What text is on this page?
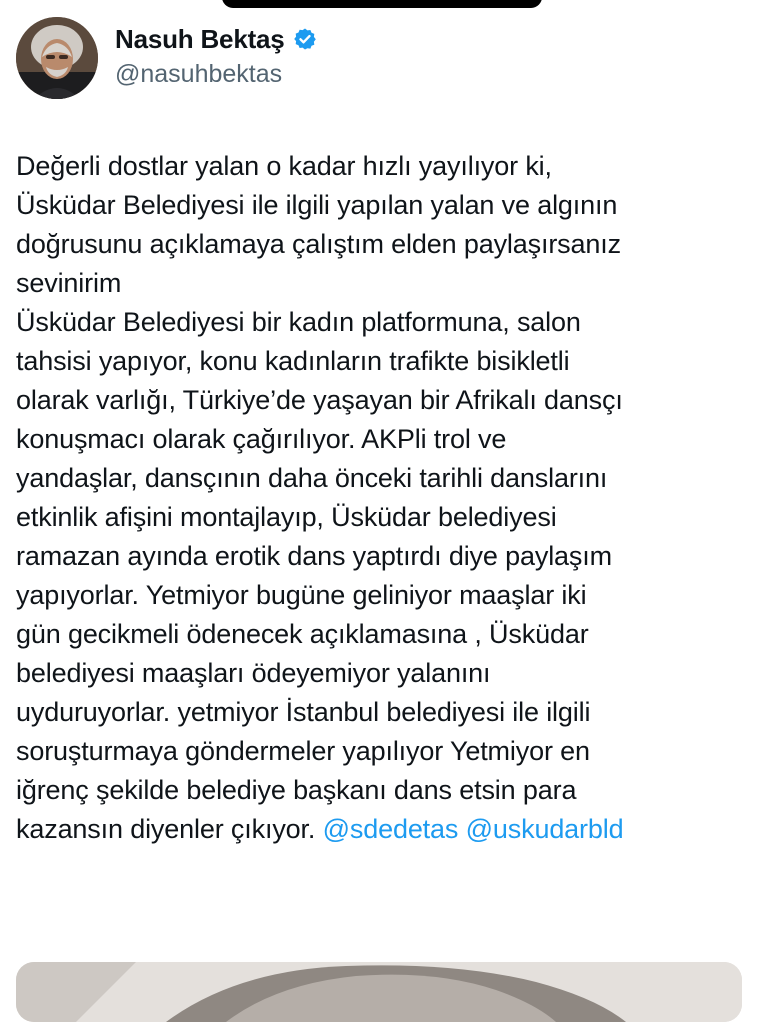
Nasuh Bektaş
@nasuhbektas
Değerli dostlar yalan o kadar hızlı yayılıyor ki,
Üsküdar Belediyesi ile ilgili yapılan yalan ve algının
doğrusunu açıklamaya çalıştım elden paylaşırsanız
sevinirim
Üsküdar Belediyesi bir kadın platformuna, salon
tahsisi yapıyor, konu kadınların trafikte bisikletli
olarak varlığı, Türkiye’de yaşayan bir Afrikalı dansçı
konuşmacı olarak çağırılıyor. AKPli trol ve
yandaşlar, dansçının daha önceki tarihli danslarını
etkinlik afişini montajlayıp, Üsküdar belediyesi
ramazan ayında erotik dans yaptırdı diye paylaşım
yapıyorlar. Yetmiyor bugüne geliniyor maaşlar iki
gün gecikmeli ödenecek açıklamasına , Üsküdar
belediyesi maaşları ödeyemiyor yalanını
uyduruyorlar. yetmiyor İstanbul belediyesi ile ilgili
soruşturmaya göndermeler yapılıyor Yetmiyor en
iğrenç şekilde belediye başkanı dans etsin para
kazansın diyenler çıkıyor. @sdedetas @uskudarbld
